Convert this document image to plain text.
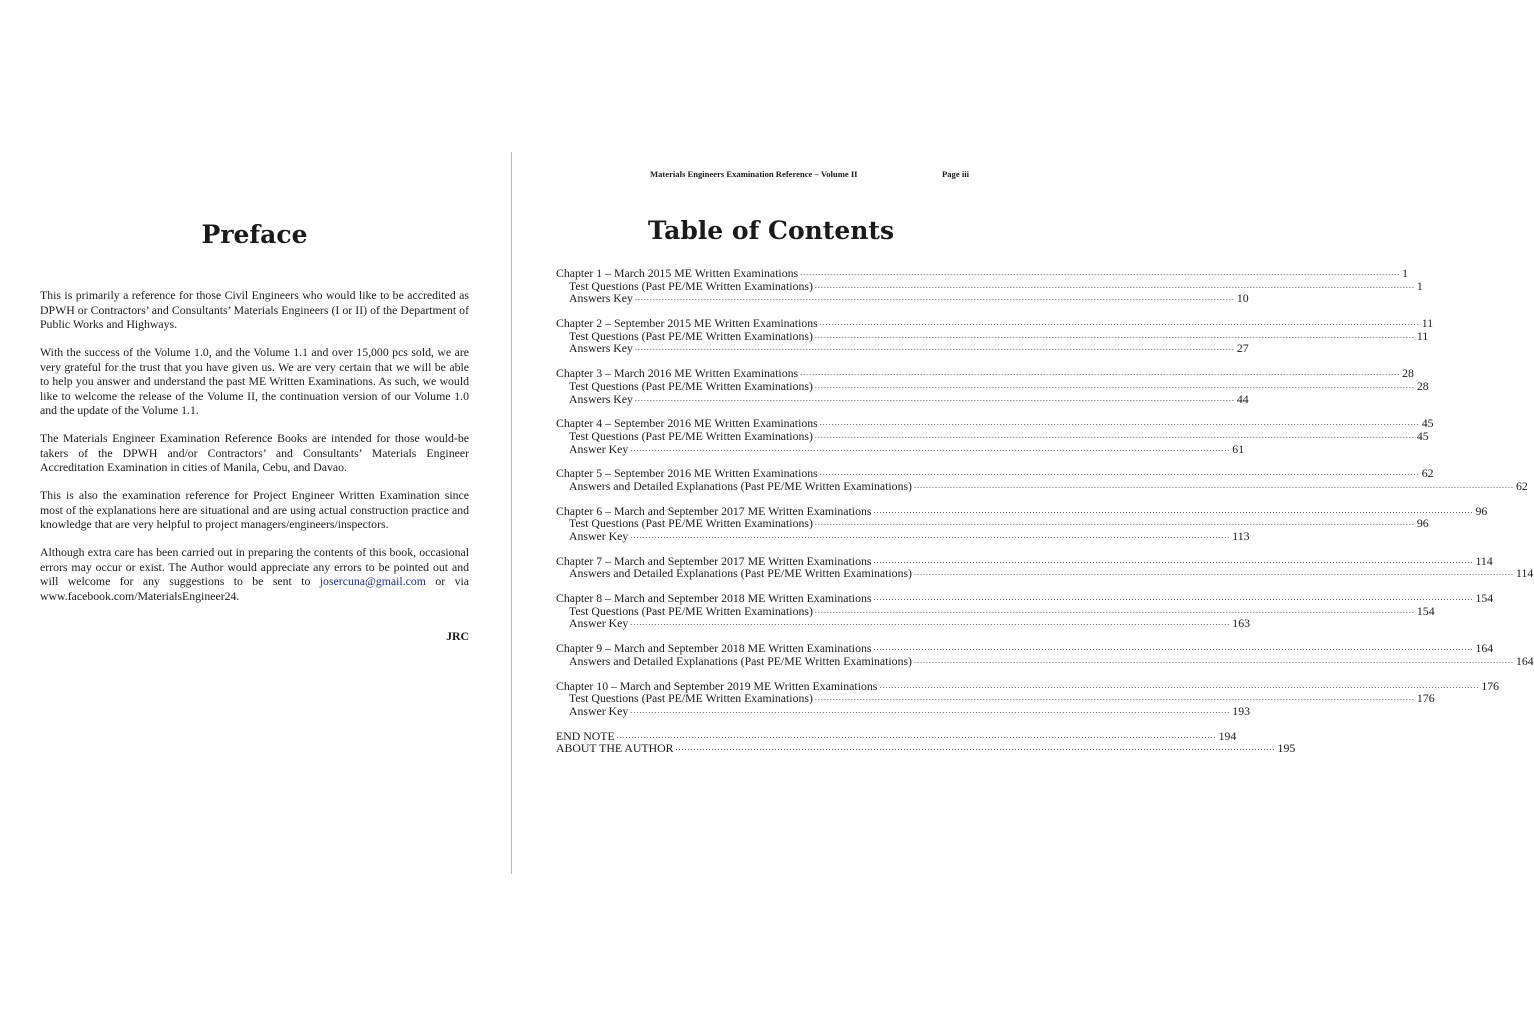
Preface

This is primarily a reference for those Civil Engineers who would like to be accredited as DPWH or Contractors’ and Consultants’ Materials Engineers (I or II) of the Department of Public Works and Highways.

With the success of the Volume 1.0, and the Volume 1.1 and over 15,000 pcs sold, we are very grateful for the trust that you have given us. We are very certain that we will be able to help you answer and understand the past ME Written Examinations. As such, we would like to welcome the release of the Volume II, the continuation version of our Volume 1.0 and the update of the Volume 1.1.

The Materials Engineer Examination Reference Books are intended for those would-be takers of the DPWH and/or Contractors’ and Consultants’ Materials Engineer Accreditation Examination in cities of Manila, Cebu, and Davao.

This is also the examination reference for Project Engineer Written Examination since most of the explanations here are situational and are using actual construction practice and knowledge that are very helpful to project managers/engineers/inspectors.

Although extra care has been carried out in preparing the contents of this book, occasional errors may occur or exist. The Author would appreciate any errors to be pointed out and will welcome for any suggestions to be sent to josercuna@gmail.com or via www.facebook.com/MaterialsEngineer24.

JRC
Materials Engineers Examination Reference – Volume II	Page iii
Table of Contents
Chapter 1 – March 2015 ME Written Examinations ........................................................................................................................................................................................................ 1
Test Questions (Past PE/ME Written Examinations) ........................................................................................................................................................................................................ 1
Answers Key ........................................................................................................................................................................................................ 10
Chapter 2 – September 2015 ME Written Examinations ........................................................................................................................................................................................................ 11
Test Questions (Past PE/ME Written Examinations) ........................................................................................................................................................................................................ 11
Answers Key ........................................................................................................................................................................................................ 27
Chapter 3 – March 2016 ME Written Examinations ........................................................................................................................................................................................................ 28
Test Questions (Past PE/ME Written Examinations) ........................................................................................................................................................................................................ 28
Answers Key ........................................................................................................................................................................................................ 44
Chapter 4 – September 2016 ME Written Examinations ........................................................................................................................................................................................................ 45
Test Questions (Past PE/ME Written Examinations) ........................................................................................................................................................................................................ 45
Answer Key ........................................................................................................................................................................................................ 61
Chapter 5 – September 2016 ME Written Examinations ........................................................................................................................................................................................................ 62
Answers and Detailed Explanations (Past PE/ME Written Examinations) ........................................................................................................................................................................................................ 62
Chapter 6 – March and September 2017 ME Written Examinations ........................................................................................................................................................................................................ 96
Test Questions (Past PE/ME Written Examinations) ........................................................................................................................................................................................................ 96
Answer Key ........................................................................................................................................................................................................ 113
Chapter 7 – March and September 2017 ME Written Examinations ........................................................................................................................................................................................................ 114
Answers and Detailed Explanations (Past PE/ME Written Examinations) ........................................................................................................................................................................................................ 114
Chapter 8 – March and September 2018 ME Written Examinations ........................................................................................................................................................................................................ 154
Test Questions (Past PE/ME Written Examinations) ........................................................................................................................................................................................................ 154
Answer Key ........................................................................................................................................................................................................ 163
Chapter 9 – March and September 2018 ME Written Examinations ........................................................................................................................................................................................................ 164
Answers and Detailed Explanations (Past PE/ME Written Examinations) ........................................................................................................................................................................................................ 164
Chapter 10 – March and September 2019 ME Written Examinations ........................................................................................................................................................................................................ 176
Test Questions (Past PE/ME Written Examinations) ........................................................................................................................................................................................................ 176
Answer Key ........................................................................................................................................................................................................ 193
END NOTE ........................................................................................................................................................................................................ 194
ABOUT THE AUTHOR ........................................................................................................................................................................................................ 195
